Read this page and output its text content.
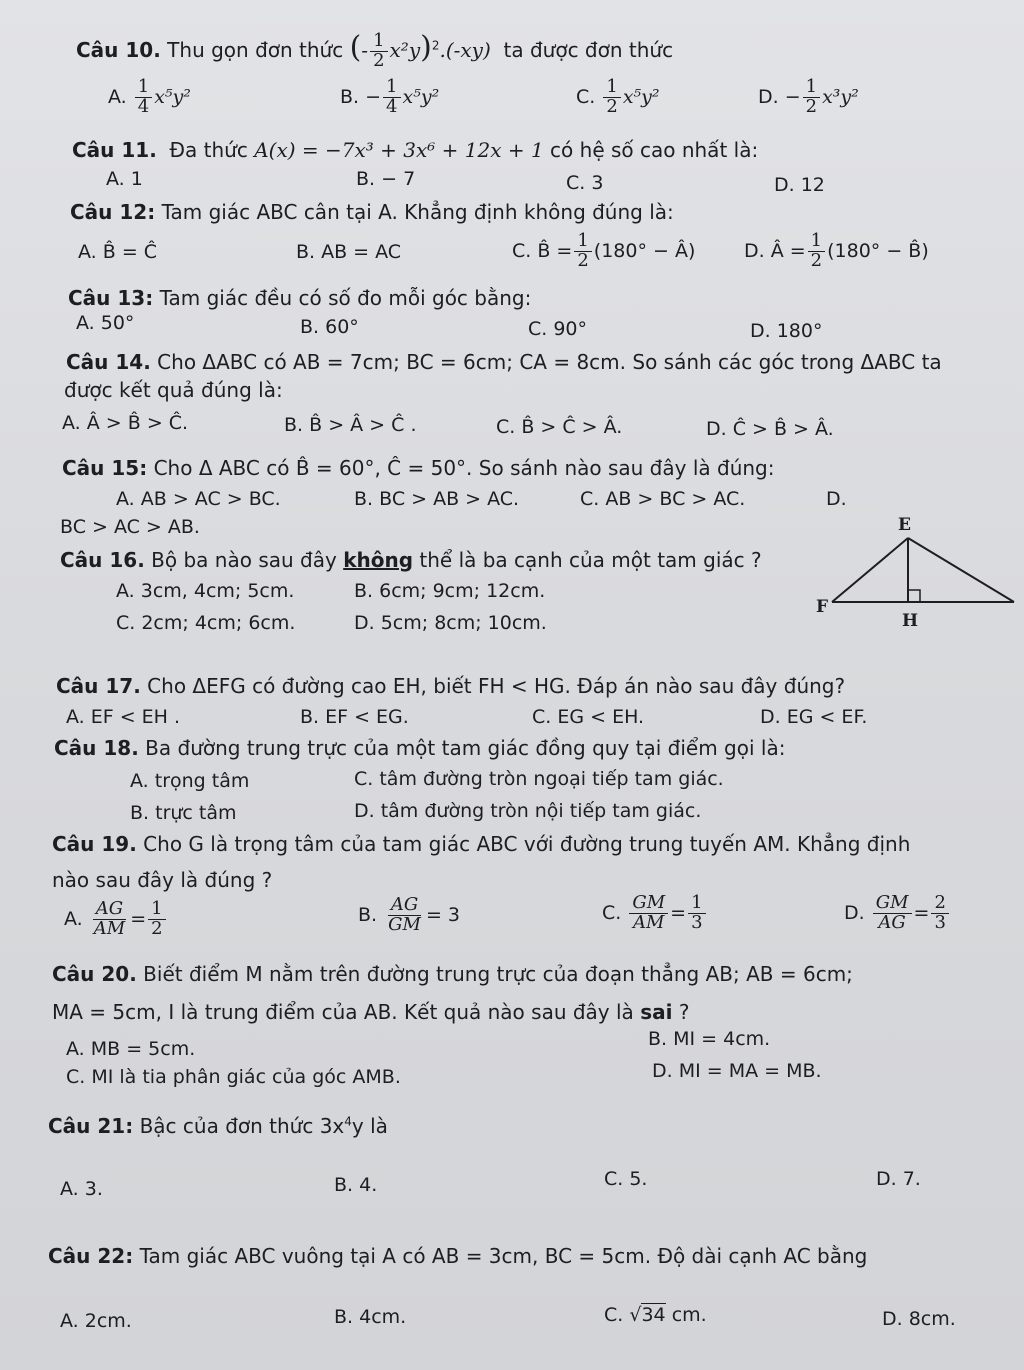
Câu 10. Thu gọn đơn thức (- $\frac{1}{2} x^2y)^2.(-xy)$ ta được đơn thức
A. $\frac{1}{4} x^5y^2$	B. − $\frac{1}{4} x^5y^2$	C. $\frac{1}{2} x^5y^2$	D. − $\frac{1}{2} x^3y^2$
Câu 11. Đa thức A(x) = −7x³ + 3x⁶ + 12x + 1 có hệ số cao nhất là:
A. 1	B. − 7	C. 3	D. 12
Câu 12: Tam giác ABC cân tại A. Khẳng định không đúng là:
A. B̂ = Ĉ	B. AB = AC	C. B̂ = $\frac{1}{2} (180^\circ$ − Â)	D. Â = $\frac{1}{2} (180^\circ$ − B̂)
Câu 13: Tam giác đều có số đo mỗi góc bằng:
A. 50°	B. 60°	C. 90°	D. 180°
Câu 14. Cho ΔABC có AB = 7cm; BC = 6cm; CA = 8cm. So sánh các góc trong ΔABC ta
được kết quả đúng là:
A. Â > B̂ > Ĉ.	B. B̂ > Â > Ĉ .	C. B̂ > Ĉ > Â.	D. Ĉ > B̂ > Â.
Câu 15: Cho Δ ABC có B̂ = 60°, Ĉ = 50°. So sánh nào sau đây là đúng:
A. AB > AC > BC.	B. BC > AB > AC.	C. AB > BC > AC.	D.
BC > AC > AB.
Câu 16. Bộ ba nào sau đây không thể là ba cạnh của một tam giác ?
A. 3cm, 4cm; 5cm.	B. 6cm; 9cm; 12cm.
C. 2cm; 4cm; 6cm.	D. 5cm; 8cm; 10cm.
E
F
H
Câu 17. Cho ΔEFG có đường cao EH, biết FH < HG. Đáp án nào sau đây đúng?
A. EF < EH .	B. EF < EG.	C. EG < EH.	D. EG < EF.
Câu 18. Ba đường trung trực của một tam giác đồng quy tại điểm gọi là:
A. trọng tâm	C. tâm đường tròn ngoại tiếp tam giác.
B. trực tâm	D. tâm đường tròn nội tiếp tam giác.
Câu 19. Cho G là trọng tâm của tam giác ABC với đường trung tuyến AM. Khẳng định
nào sau đây là đúng ?
A. $\frac{AG}{AM} = \frac{1}{2}$	B. $\frac{AG}{GM} = 3$	C. $\frac{GM}{AM} = \frac{1}{3}$	D. $\frac{GM}{AG} = \frac{2}{3}$
Câu 20. Biết điểm M nằm trên đường trung trực của đoạn thẳng AB; AB = 6cm;
MA = 5cm, I là trung điểm của AB. Kết quả nào sau đây là sai ?
A. MB = 5cm.	B. MI = 4cm.
C. MI là tia phân giác của góc AMB.	D. MI = MA = MB.
Câu 21: Bậc của đơn thức $3x^4y$ là
A. 3.	B. 4.	C. 5.	D. 7.
Câu 22: Tam giác ABC vuông tại A có AB = 3cm, BC = 5cm. Độ dài cạnh AC bằng
A. 2cm.	B. 4cm.	C. √34 cm.	D. 8cm.
